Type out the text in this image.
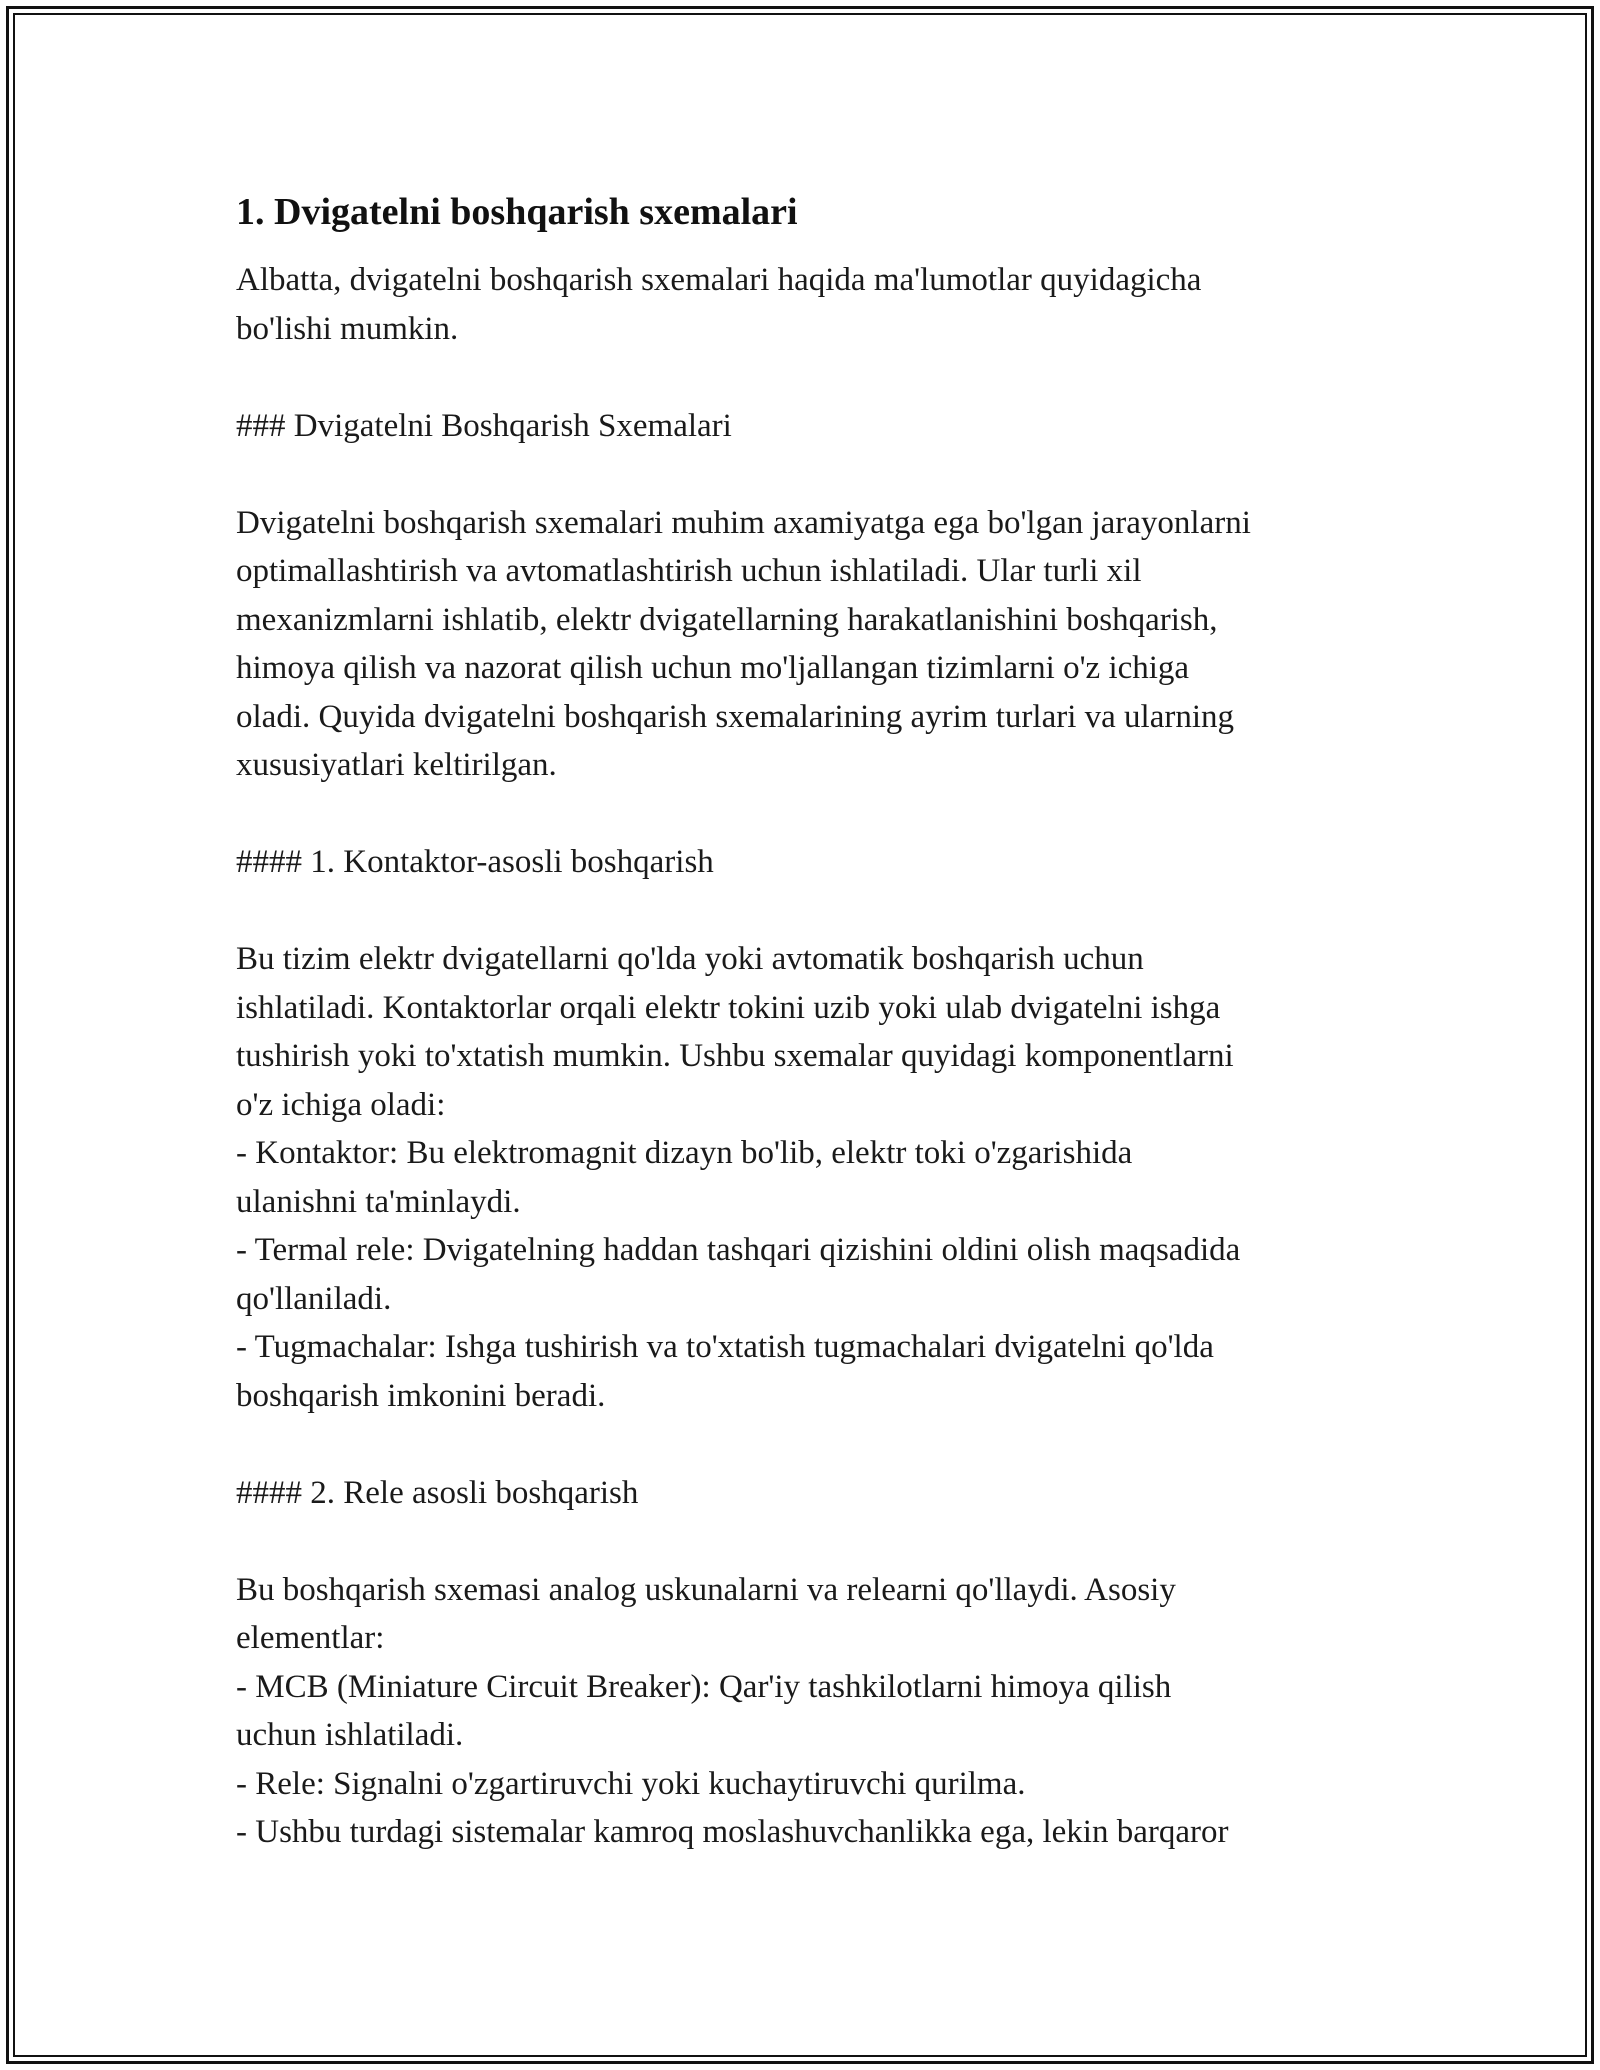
1. Dvigatelni boshqarish sxemalari
Albatta, dvigatelni boshqarish sxemalari haqida ma'lumotlar quyidagicha
bo'lishi mumkin.
### Dvigatelni Boshqarish Sxemalari
Dvigatelni boshqarish sxemalari muhim axamiyatga ega bo'lgan jarayonlarni
optimallashtirish va avtomatlashtirish uchun ishlatiladi. Ular turli xil
mexanizmlarni ishlatib, elektr dvigatellarning harakatlanishini boshqarish,
himoya qilish va nazorat qilish uchun mo'ljallangan tizimlarni o'z ichiga
oladi. Quyida dvigatelni boshqarish sxemalarining ayrim turlari va ularning
xususiyatlari keltirilgan.
#### 1. Kontaktor-asosli boshqarish
Bu tizim elektr dvigatellarni qo'lda yoki avtomatik boshqarish uchun
ishlatiladi. Kontaktorlar orqali elektr tokini uzib yoki ulab dvigatelni ishga
tushirish yoki to'xtatish mumkin. Ushbu sxemalar quyidagi komponentlarni
o'z ichiga oladi:
- Kontaktor: Bu elektromagnit dizayn bo'lib, elektr toki o'zgarishida
ulanishni ta'minlaydi.
- Termal rele: Dvigatelning haddan tashqari qizishini oldini olish maqsadida
qo'llaniladi.
- Tugmachalar: Ishga tushirish va to'xtatish tugmachalari dvigatelni qo'lda
boshqarish imkonini beradi.
#### 2. Rele asosli boshqarish
Bu boshqarish sxemasi analog uskunalarni va relearni qo'llaydi. Asosiy
elementlar:
- MCB (Miniature Circuit Breaker): Qar'iy tashkilotlarni himoya qilish
uchun ishlatiladi.
- Rele: Signalni o'zgartiruvchi yoki kuchaytiruvchi qurilma.
- Ushbu turdagi sistemalar kamroq moslashuvchanlikka ega, lekin barqaror
